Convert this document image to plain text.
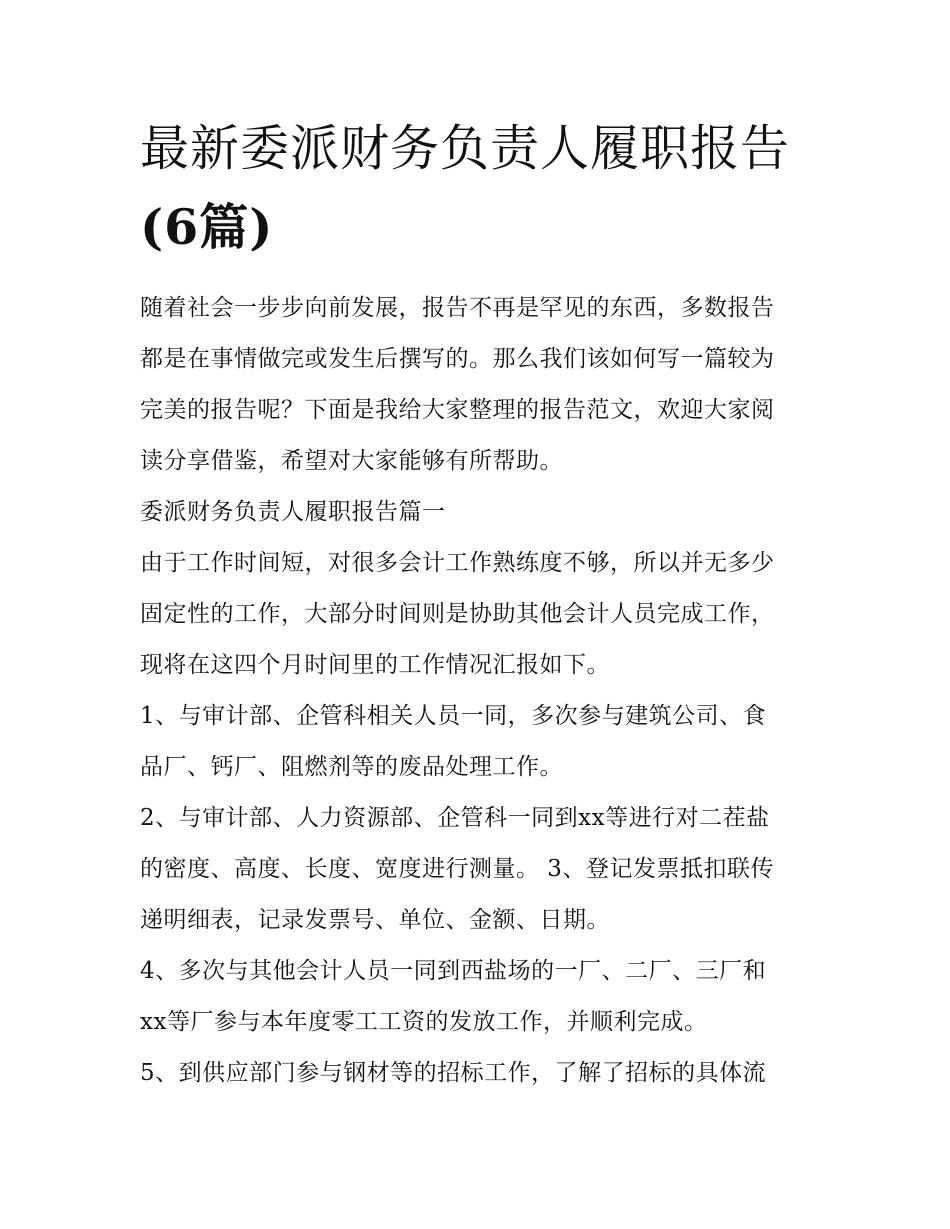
最新委派财务负责人履职报告
(6篇)

随着社会一步步向前发展，报告不再是罕见的东西，多数报告
都是在事情做完或发生后撰写的。那么我们该如何写一篇较为
完美的报告呢？下面是我给大家整理的报告范文，欢迎大家阅
读分享借鉴，希望对大家能够有所帮助。

委派财务负责人履职报告篇一

由于工作时间短，对很多会计工作熟练度不够，所以并无多少
固定性的工作，大部分时间则是协助其他会计人员完成工作，
现将在这四个月时间里的工作情况汇报如下。

1、与审计部、企管科相关人员一同，多次参与建筑公司、食
品厂、钙厂、阻燃剂等的废品处理工作。

2、与审计部、人力资源部、企管科一同到xx等进行对二茬盐
的密度、高度、长度、宽度进行测量。 3、登记发票抵扣联传
递明细表，记录发票号、单位、金额、日期。

4、多次与其他会计人员一同到西盐场的一厂、二厂、三厂和
xx等厂参与本年度零工工资的发放工作，并顺利完成。

5、到供应部门参与钢材等的招标工作，了解了招标的具体流
